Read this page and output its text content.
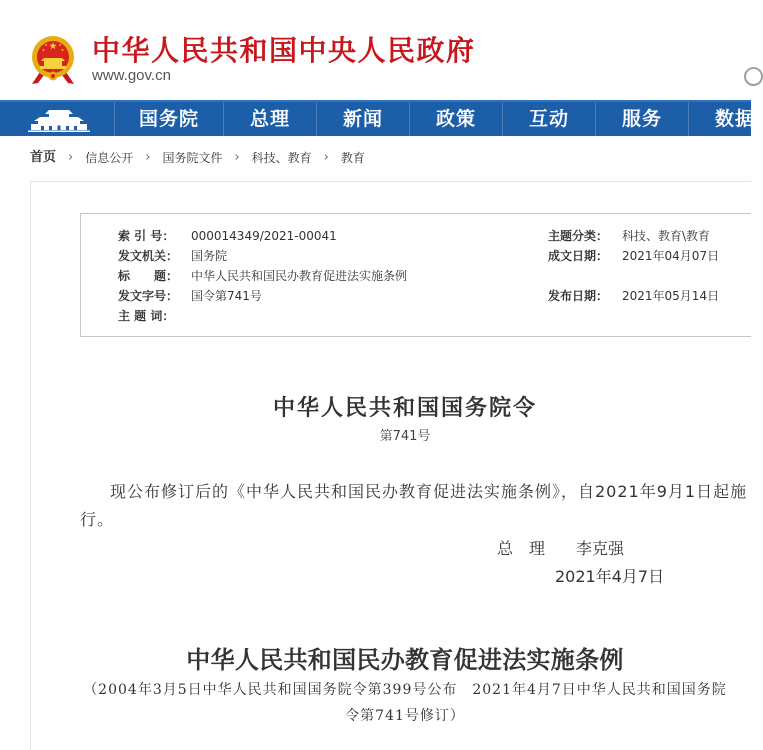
中华人民共和国中央人民政府
www.gov.cn
国务院	总理	新闻	政策	互动	服务	数据
首页 › 信息公开 › 国务院文件 › 科技、教育 › 教育
索 引 号： 000014349/2021-00041	主题分类： 科技、教育\教育
发文机关： 国务院	成文日期： 2021年04月07日
标　　题： 中华人民共和国民办教育促进法实施条例
发文字号： 国令第741号	发布日期： 2021年05月14日
主 题 词：
中华人民共和国国务院令
第741号
现公布修订后的《中华人民共和国民办教育促进法实施条例》，自2021年9月1日起施行。
总　理 李克强
2021年4月7日
中华人民共和国民办教育促进法实施条例
（2004年3月5日中华人民共和国国务院令第399号公布　2021年4月7日中华人民共和国国务院令第741号修订）
